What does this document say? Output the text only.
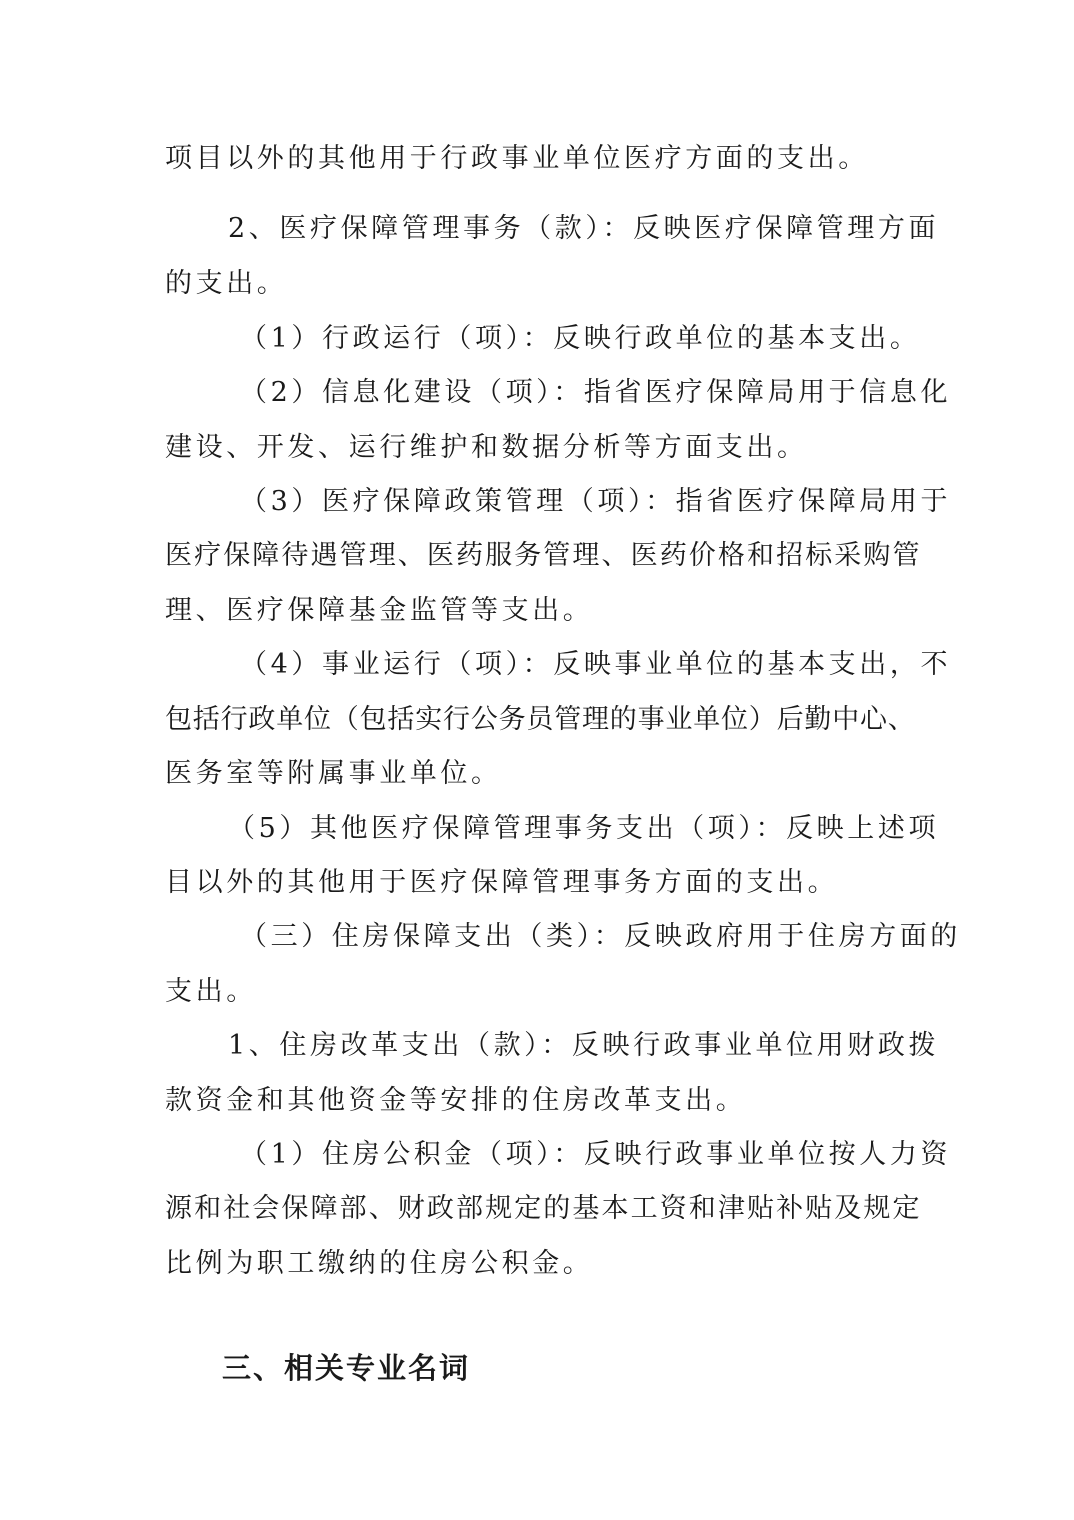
项目以外的其他用于行政事业单位医疗方面的支出。
2、医疗保障管理事务（款）：反映医疗保障管理方面
的支出。
（1）行政运行（项）：反映行政单位的基本支出。
（2）信息化建设（项）：指省医疗保障局用于信息化
建设、开发、运行维护和数据分析等方面支出。
（3）医疗保障政策管理（项）：指省医疗保障局用于
医疗保障待遇管理、医药服务管理、医药价格和招标采购管
理、医疗保障基金监管等支出。
（4）事业运行（项）：反映事业单位的基本支出，不
包括行政单位（包括实行公务员管理的事业单位）后勤中心、
医务室等附属事业单位。
（5）其他医疗保障管理事务支出（项）：反映上述项
目以外的其他用于医疗保障管理事务方面的支出。
（三）住房保障支出（类）：反映政府用于住房方面的
支出。
1、住房改革支出（款）：反映行政事业单位用财政拨
款资金和其他资金等安排的住房改革支出。
（1）住房公积金（项）：反映行政事业单位按人力资
源和社会保障部、财政部规定的基本工资和津贴补贴及规定
比例为职工缴纳的住房公积金。
三、相关专业名词
